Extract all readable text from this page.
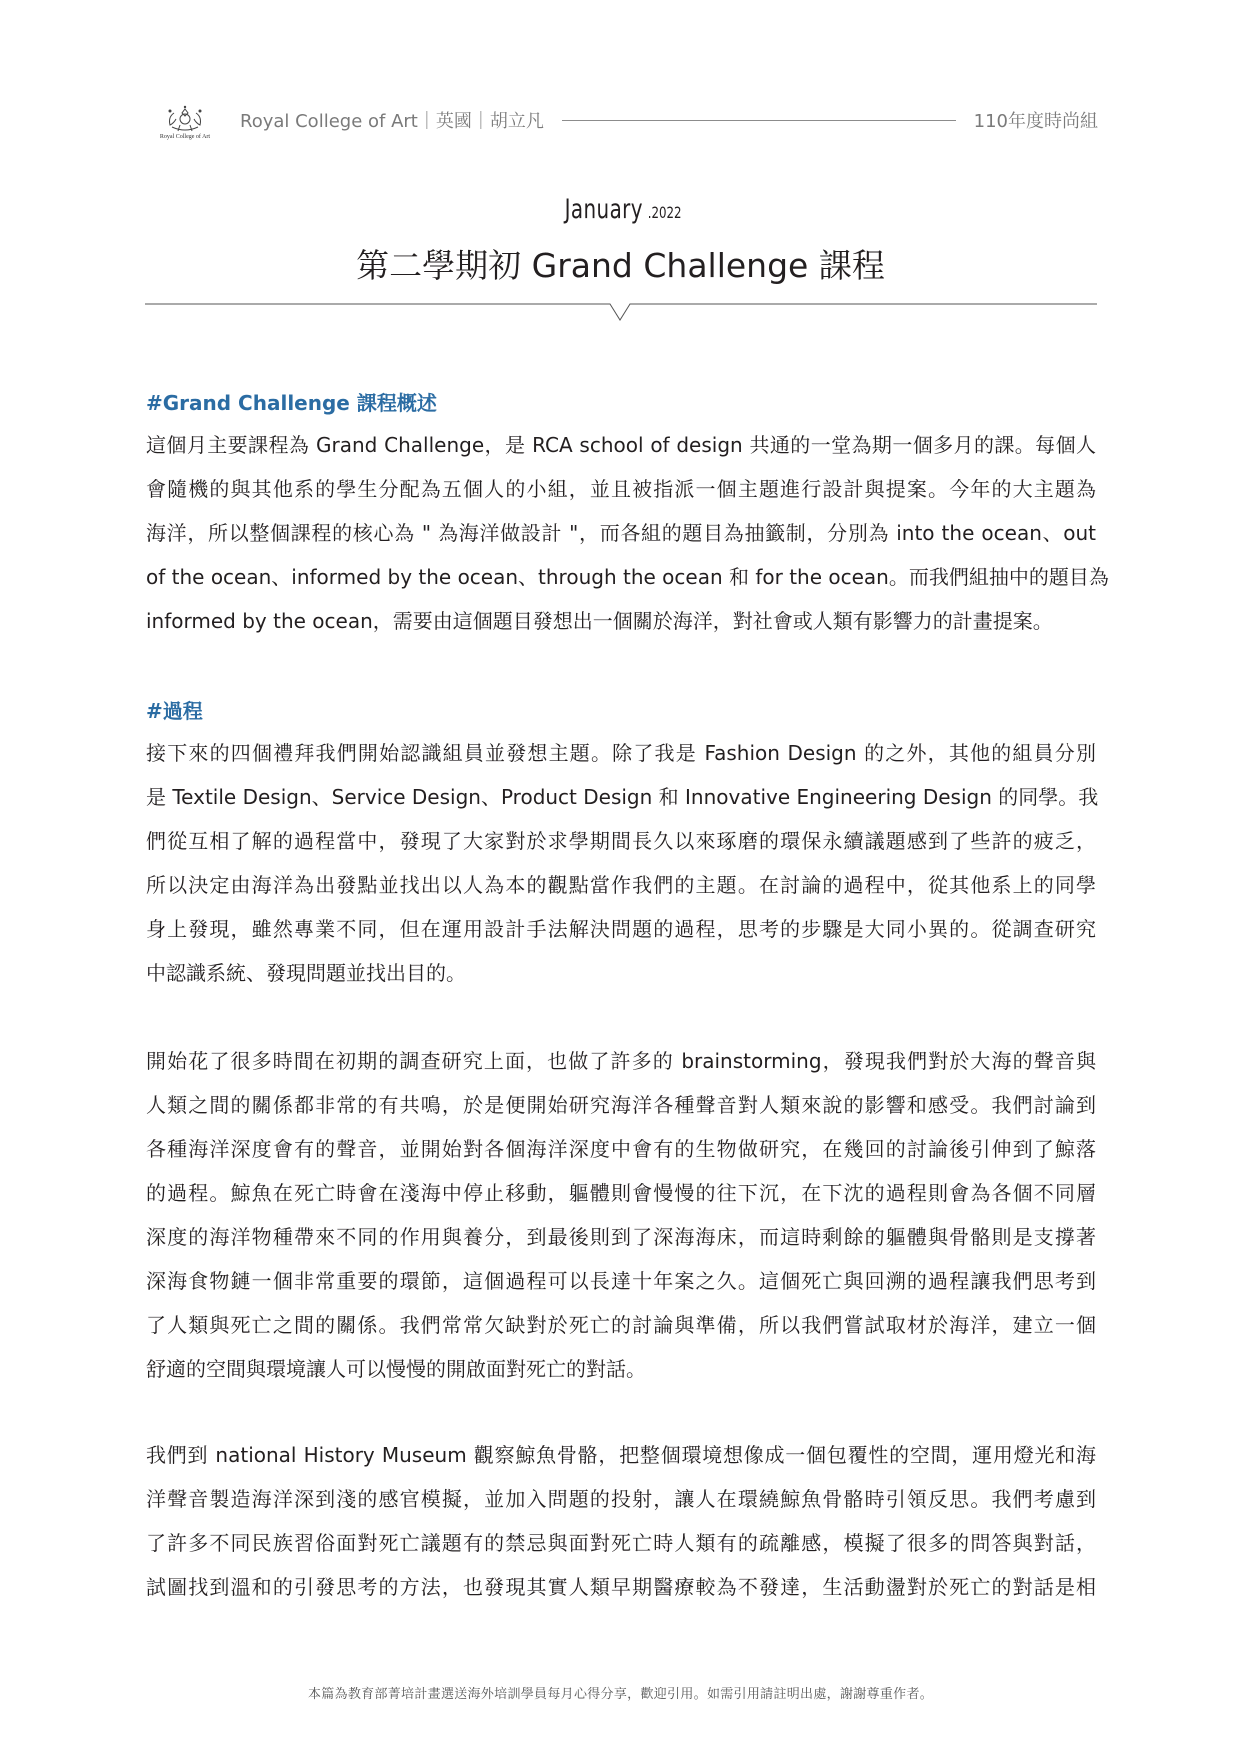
Royal College of Art
Royal College of Art｜英國｜胡立凡	110年度時尚組
January .2022
第二學期初 Grand Challenge 課程
#Grand Challenge 課程概述
這個月主要課程為 Grand Challenge，是 RCA school of design 共通的一堂為期一個多月的課。每個人
會隨機的與其他系的學生分配為五個人的小組，並且被指派一個主題進行設計與提案。今年的大主題為
海洋，所以整個課程的核心為 " 為海洋做設計 "，而各組的題目為抽籤制，分別為 into the ocean、out
of the ocean、informed by the ocean、through the ocean 和 for the ocean。而我們組抽中的題目為
informed by the ocean，需要由這個題目發想出一個關於海洋，對社會或人類有影響力的計畫提案。
#過程
接下來的四個禮拜我們開始認識組員並發想主題。除了我是 Fashion Design 的之外，其他的組員分別
是 Textile Design、Service Design、Product Design 和 Innovative Engineering Design 的同學。我
們從互相了解的過程當中，發現了大家對於求學期間長久以來琢磨的環保永續議題感到了些許的疲乏，
所以決定由海洋為出發點並找出以人為本的觀點當作我們的主題。在討論的過程中，從其他系上的同學
身上發現，雖然專業不同，但在運用設計手法解決問題的過程，思考的步驟是大同小異的。從調查研究
中認識系統、發現問題並找出目的。
開始花了很多時間在初期的調查研究上面，也做了許多的 brainstorming，發現我們對於大海的聲音與
人類之間的關係都非常的有共鳴，於是便開始研究海洋各種聲音對人類來說的影響和感受。我們討論到
各種海洋深度會有的聲音，並開始對各個海洋深度中會有的生物做研究，在幾回的討論後引伸到了鯨落
的過程。鯨魚在死亡時會在淺海中停止移動，軀體則會慢慢的往下沉，在下沈的過程則會為各個不同層
深度的海洋物種帶來不同的作用與養分，到最後則到了深海海床，而這時剩餘的軀體與骨骼則是支撐著
深海食物鏈一個非常重要的環節，這個過程可以長達十年案之久。這個死亡與回溯的過程讓我們思考到
了人類與死亡之間的關係。我們常常欠缺對於死亡的討論與準備，所以我們嘗試取材於海洋，建立一個
舒適的空間與環境讓人可以慢慢的開啟面對死亡的對話。
我們到 national History Museum 觀察鯨魚骨骼，把整個環境想像成一個包覆性的空間，運用燈光和海
洋聲音製造海洋深到淺的感官模擬，並加入問題的投射，讓人在環繞鯨魚骨骼時引領反思。我們考慮到
了許多不同民族習俗面對死亡議題有的禁忌與面對死亡時人類有的疏離感，模擬了很多的問答與對話，
試圖找到溫和的引發思考的方法，也發現其實人類早期醫療較為不發達，生活動盪對於死亡的對話是相
本篇為教育部菁培計畫選送海外培訓學員每月心得分享，歡迎引用。如需引用請註明出處，謝謝尊重作者。
